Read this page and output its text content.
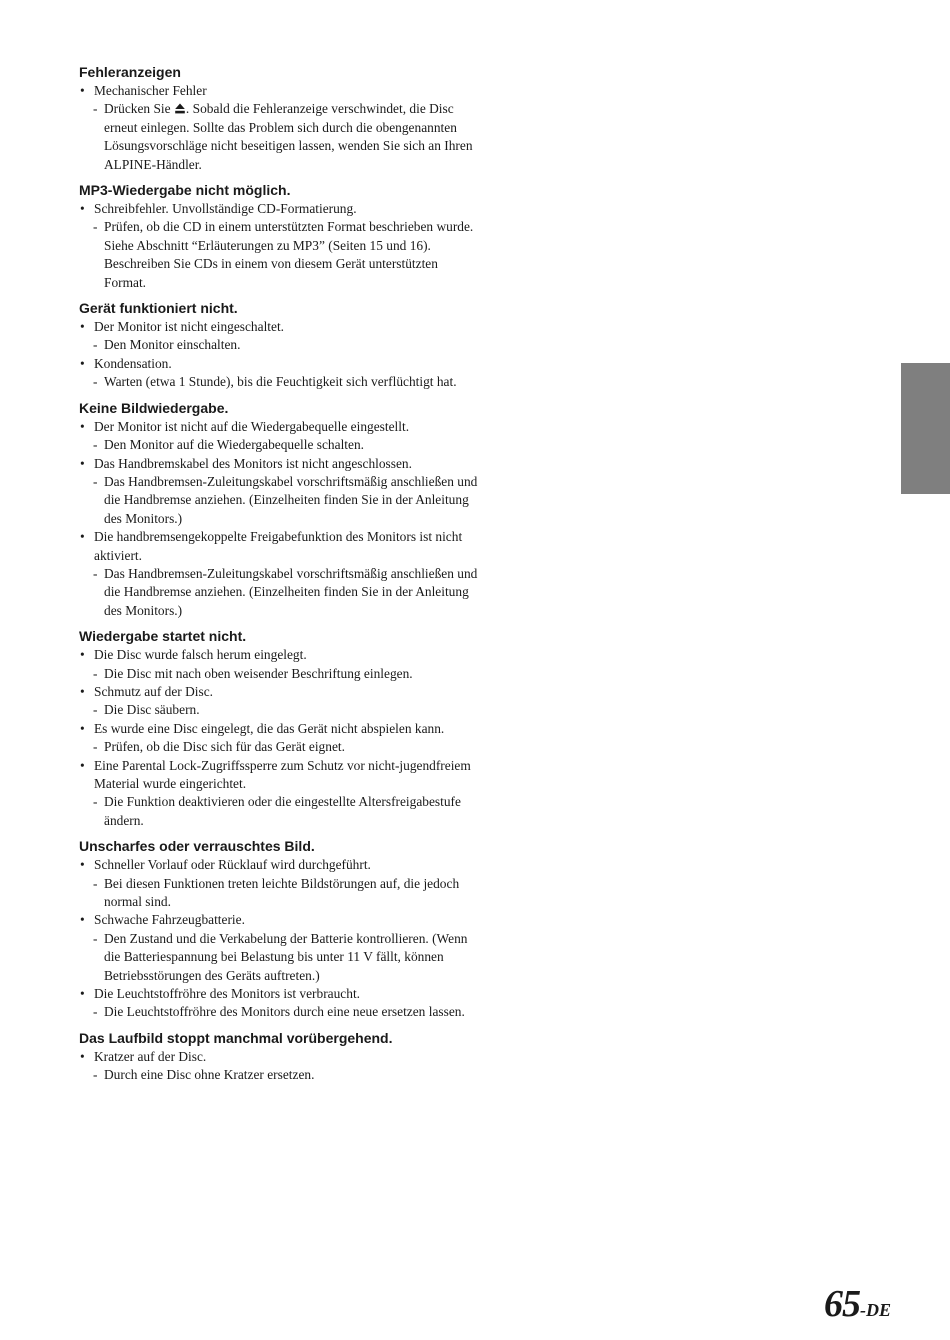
Fehleranzeigen
• Mechanischer Fehler
- Drücken Sie . Sobald die Fehleranzeige verschwindet, die Disc erneut einlegen. Sollte das Problem sich durch die obengenannten Lösungsvorschläge nicht beseitigen lassen, wenden Sie sich an Ihren ALPINE-Händler.
MP3-Wiedergabe nicht möglich.
• Schreibfehler. Unvollständige CD-Formatierung.
- Prüfen, ob die CD in einem unterstützten Format beschrieben wurde. Siehe Abschnitt “Erläuterungen zu MP3” (Seiten 15 und 16). Beschreiben Sie CDs in einem von diesem Gerät unterstützten Format.
Gerät funktioniert nicht.
• Der Monitor ist nicht eingeschaltet.
- Den Monitor einschalten.
• Kondensation.
- Warten (etwa 1 Stunde), bis die Feuchtigkeit sich verflüchtigt hat.
Keine Bildwiedergabe.
• Der Monitor ist nicht auf die Wiedergabequelle eingestellt.
- Den Monitor auf die Wiedergabequelle schalten.
• Das Handbremskabel des Monitors ist nicht angeschlossen.
- Das Handbremsen-Zuleitungskabel vorschriftsmäßig anschließen und die Handbremse anziehen. (Einzelheiten finden Sie in der Anleitung des Monitors.)
• Die handbremsengekoppelte Freigabefunktion des Monitors ist nicht aktiviert.
- Das Handbremsen-Zuleitungskabel vorschriftsmäßig anschließen und die Handbremse anziehen. (Einzelheiten finden Sie in der Anleitung des Monitors.)
Wiedergabe startet nicht.
• Die Disc wurde falsch herum eingelegt.
- Die Disc mit nach oben weisender Beschriftung einlegen.
• Schmutz auf der Disc.
- Die Disc säubern.
• Es wurde eine Disc eingelegt, die das Gerät nicht abspielen kann.
- Prüfen, ob die Disc sich für das Gerät eignet.
• Eine Parental Lock-Zugriffssperre zum Schutz vor nicht-jugendfreiem Material wurde eingerichtet.
- Die Funktion deaktivieren oder die eingestellte Altersfreigabestufe ändern.
Unscharfes oder verrauschtes Bild.
• Schneller Vorlauf oder Rücklauf wird durchgeführt.
- Bei diesen Funktionen treten leichte Bildstörungen auf, die jedoch normal sind.
• Schwache Fahrzeugbatterie.
- Den Zustand und die Verkabelung der Batterie kontrollieren. (Wenn die Batteriespannung bei Belastung bis unter 11 V fällt, können Betriebsstörungen des Geräts auftreten.)
• Die Leuchtstoffröhre des Monitors ist verbraucht.
- Die Leuchtstoffröhre des Monitors durch eine neue ersetzen lassen.
Das Laufbild stoppt manchmal vorübergehend.
• Kratzer auf der Disc.
- Durch eine Disc ohne Kratzer ersetzen.
65-DE
